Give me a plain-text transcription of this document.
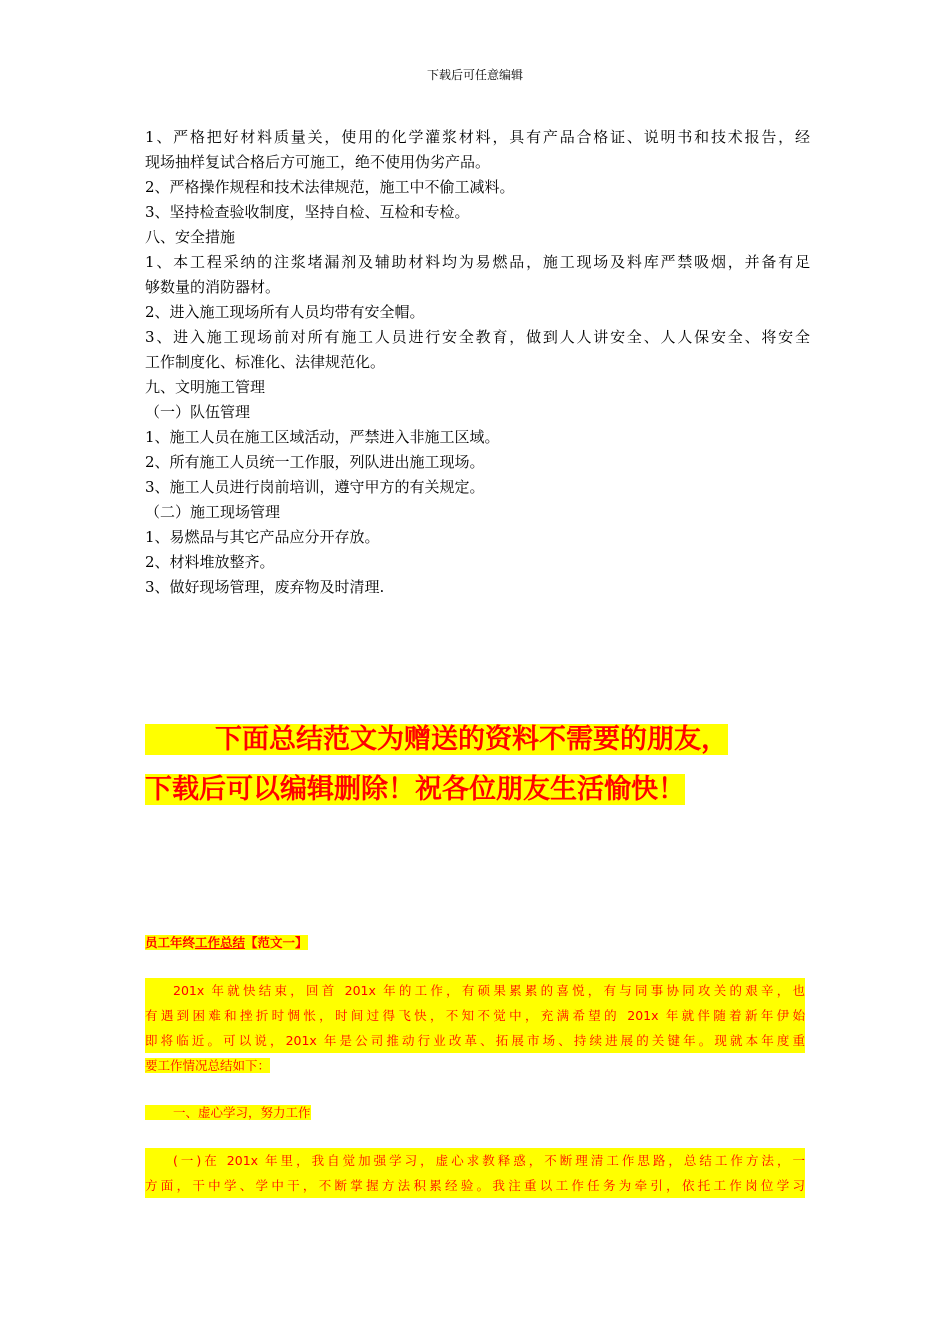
下载后可任意编辑
1、严格把好材料质量关，使用的化学灌浆材料，具有产品合格证、说明书和技术报告，经
现场抽样复试合格后方可施工，绝不使用伪劣产品。
2、严格操作规程和技术法律规范，施工中不偷工减料。
3、坚持检查验收制度，坚持自检、互检和专检。
八、安全措施
1、本工程采纳的注浆堵漏剂及辅助材料均为易燃品，施工现场及料库严禁吸烟，并备有足
够数量的消防器材。
2、进入施工现场所有人员均带有安全帽。
3、进入施工现场前对所有施工人员进行安全教育，做到人人讲安全、人人保安全、将安全
工作制度化、标准化、法律规范化。
九、文明施工管理
（一）队伍管理
1、施工人员在施工区域活动，严禁进入非施工区域。
2、所有施工人员统一工作服，列队进出施工现场。
3、施工人员进行岗前培训，遵守甲方的有关规定。
（二）施工现场管理
1、易燃品与其它产品应分开存放。
2、材料堆放整齐。
3、做好现场管理，废弃物及时清理.
下面总结范文为赠送的资料不需要的朋友，
下载后可以编辑删除！祝各位朋友生活愉快！
员工年终工作总结【范文一】
201x 年就快结束，回首 201x 年的工作，有硕果累累的喜悦，有与同事协同攻关的艰辛，也
有遇到困难和挫折时惆怅，时间过得飞快，不知不觉中，充满希望的 201x 年就伴随着新年伊始
即将临近。可以说，201x 年是公司推动行业改革、拓展市场、持续进展的关键年。现就本年度重
要工作情况总结如下：
一、虚心学习，努力工作
(一)在 201x 年里，我自觉加强学习，虚心求教释惑，不断理清工作思路，总结工作方法，一
方面，干中学、学中干，不断掌握方法积累经验。我注重以工作任务为牵引，依托工作岗位学习
